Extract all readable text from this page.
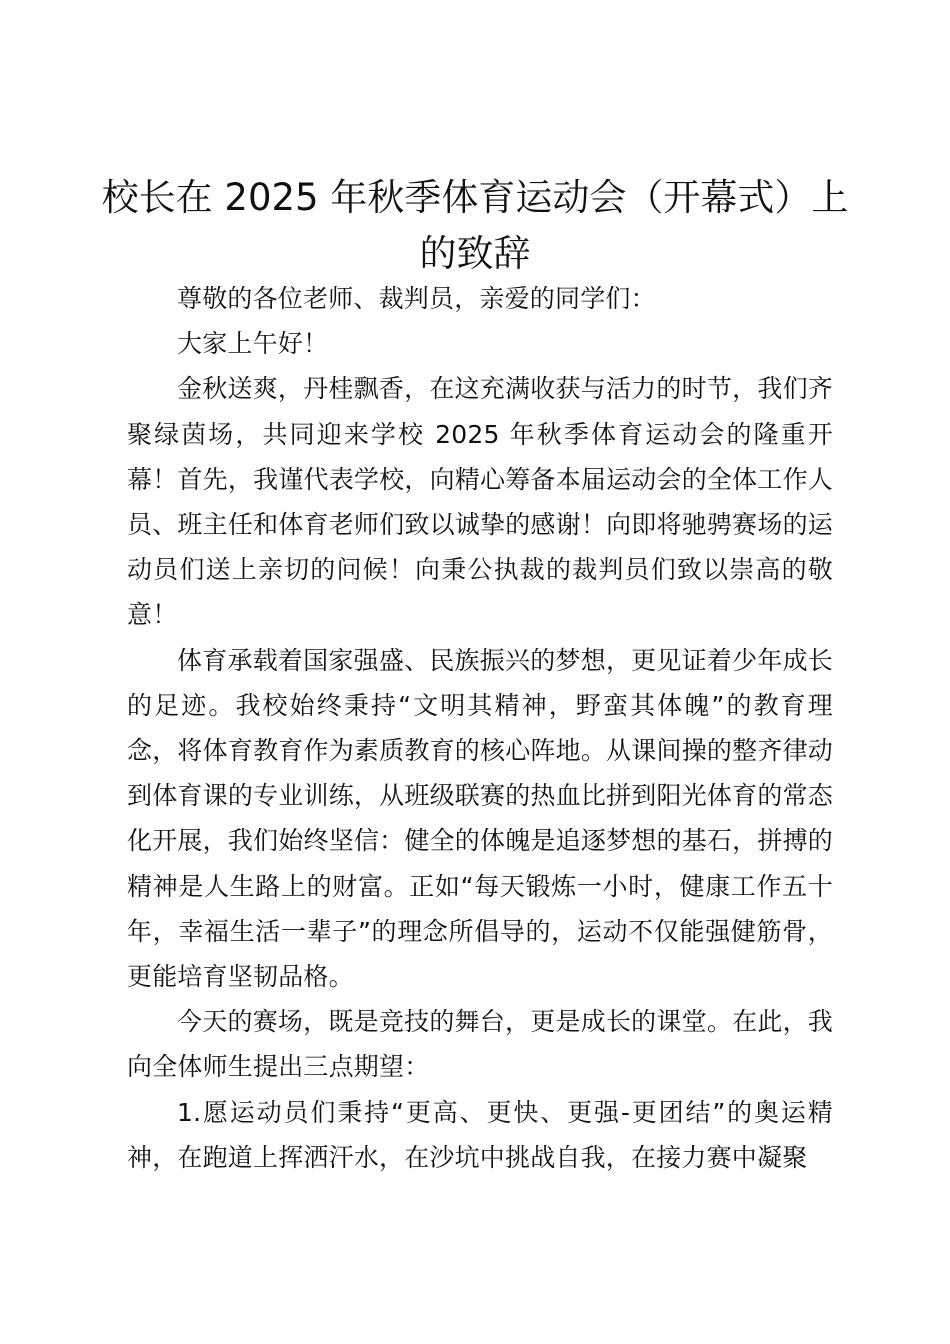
校长在 2025 年秋季体育运动会（开幕式）上
的致辞

尊敬的各位老师、裁判员，亲爱的同学们：

大家上午好！

金秋送爽，丹桂飘香，在这充满收获与活力的时节，我们齐聚绿茵场，共同迎来学校 2025 年秋季体育运动会的隆重开幕！首先，我谨代表学校，向精心筹备本届运动会的全体工作人员、班主任和体育老师们致以诚挚的感谢！向即将驰骋赛场的运动员们送上亲切的问候！向秉公执裁的裁判员们致以崇高的敬意！

体育承载着国家强盛、民族振兴的梦想，更见证着少年成长的足迹。我校始终秉持“文明其精神，野蛮其体魄”的教育理念，将体育教育作为素质教育的核心阵地。从课间操的整齐律动到体育课的专业训练，从班级联赛的热血比拼到阳光体育的常态化开展，我们始终坚信：健全的体魄是追逐梦想的基石，拼搏的精神是人生路上的财富。正如“每天锻炼一小时，健康工作五十年，幸福生活一辈子”的理念所倡导的，运动不仅能强健筋骨，更能培育坚韧品格。

今天的赛场，既是竞技的舞台，更是成长的课堂。在此，我向全体师生提出三点期望：

1.愿运动员们秉持“更高、更快、更强-更团结”的奥运精神，在跑道上挥洒汗水，在沙坑中挑战自我，在接力赛中凝聚
